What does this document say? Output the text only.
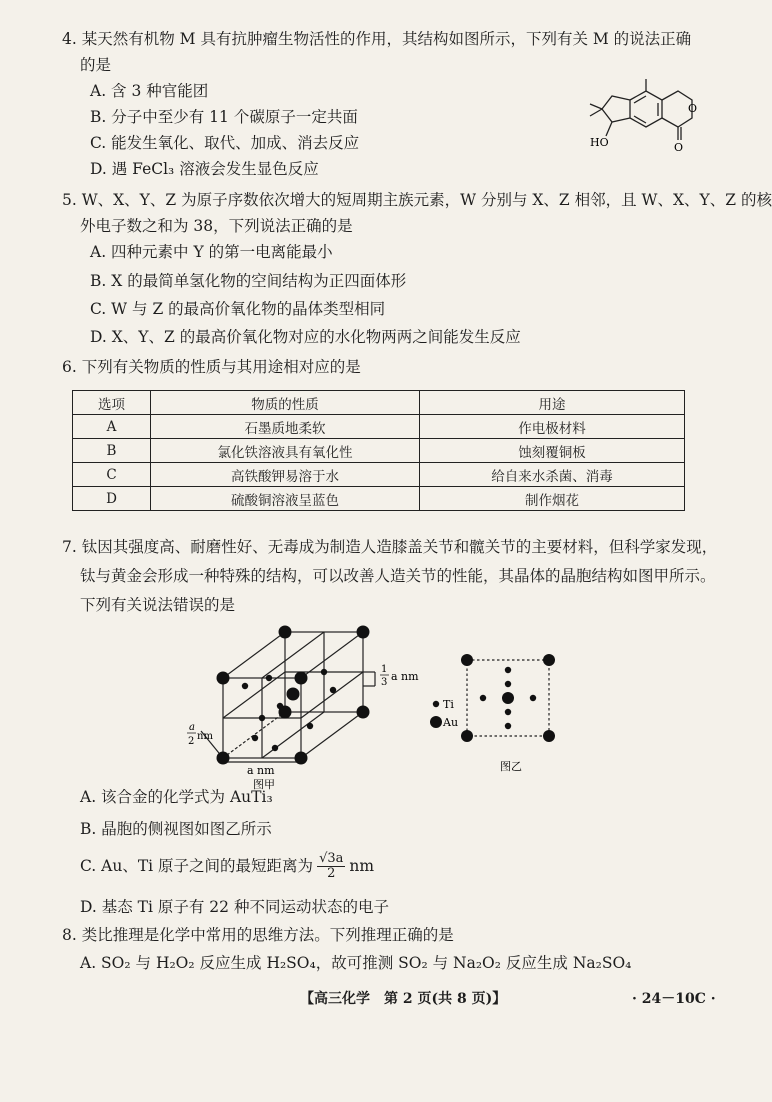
4. 某天然有机物 M 具有抗肿瘤生物活性的作用，其结构如图所示，下列有关 M 的说法正确
的是
A. 含 3 种官能团
B. 分子中至少有 11 个碳原子一定共面
C. 能发生氧化、取代、加成、消去反应
D. 遇 FeCl₃ 溶液会发生显色反应
HO
O
O
5. W、X、Y、Z 为原子序数依次增大的短周期主族元素，W 分别与 X、Z 相邻，且 W、X、Y、Z 的核
外电子数之和为 38，下列说法正确的是
A. 四种元素中 Y 的第一电离能最小
B. X 的最简单氢化物的空间结构为正四面体形
C. W 与 Z 的最高价氧化物的晶体类型相同
D. X、Y、Z 的最高价氧化物对应的水化物两两之间能发生反应
6. 下列有关物质的性质与其用途相对应的是
选项	物质的性质	用途
A	石墨质地柔软	作电极材料
B	氯化铁溶液具有氧化性	蚀刻覆铜板
C	高铁酸钾易溶于水	给自来水杀菌、消毒
D	硫酸铜溶液呈蓝色	制作烟花
7. 钛因其强度高、耐磨性好、无毒成为制造人造膝盖关节和髋关节的主要材料，但科学家发现，
钛与黄金会形成一种特殊的结构，可以改善人造关节的性能，其晶体的晶胞结构如图甲所示。
下列有关说法错误的是
a nm
图甲
1
3 a nm
a
2 nm
Ti
Au
图乙
A. 该合金的化学式为 AuTi₃
B. 晶胞的侧视图如图乙所示
C. Au、Ti 原子之间的最短距离为 $\frac{√3a}{2}$ nm
D. 基态 Ti 原子有 22 种不同运动状态的电子
8. 类比推理是化学中常用的思维方法。下列推理正确的是
A. SO₂ 与 H₂O₂ 反应生成 H₂SO₄，故可推测 SO₂ 与 Na₂O₂ 反应生成 Na₂SO₄
【高三化学　第 2 页(共 8 页)】	· 24－10C ·
